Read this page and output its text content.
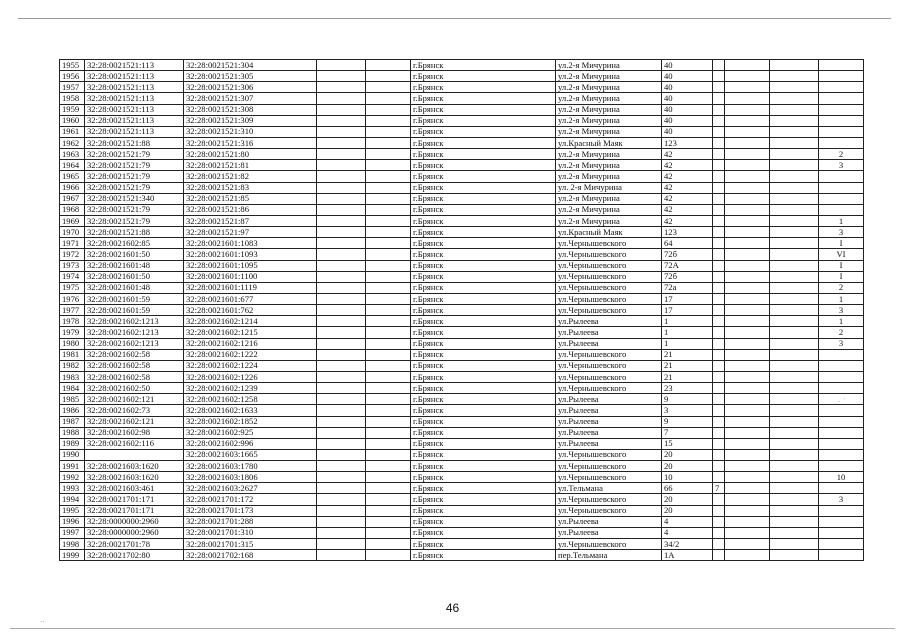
1955	32:28:0021521:113	32:28:0021521:304			г.Брянск	ул.2-я Мичурина	40				
1956	32:28:0021521:113	32:28:0021521:305			г.Брянск	ул.2-я Мичурина	40				
1957	32:28:0021521:113	32:28:0021521:306			г.Брянск	ул.2-я Мичурина	40				
1958	32:28:0021521:113	32:28:0021521:307			г.Брянск	ул.2-я Мичурина	40				
1959	32:28:0021521:113	32:28:0021521:308			г.Брянск	ул.2-я Мичурина	40				
1960	32:28:0021521:113	32:28:0021521:309			г.Брянск	ул.2-я Мичурина	40				
1961	32:28:0021521:113	32:28:0021521:310			г.Брянск	ул.2-я Мичурина	40				
1962	32:28:0021521:88	32:28:0021521:316			г.Брянск	ул.Красный Маяк	123				
1963	32:28:0021521:79	32:28:0021521:80			г.Брянск	ул.2-я Мичурина	42				2
1964	32:28:0021521:79	32:28:0021521:81			г.Брянск	ул.2-я Мичурина	42				3
1965	32:28:0021521:79	32:28:0021521:82			г.Брянск	ул.2-я Мичурина	42				
1966	32:28:0021521:79	32:28:0021521:83			г.Брянск	ул. 2-я Мичурина	42				
1967	32:28:0021521:340	32:28:0021521:85			г.Брянск	ул.2-я Мичурина	42				
1968	32:28:0021521:79	32:28:0021521:86			г.Брянск	ул.2-я Мичурина	42				
1969	32:28:0021521:79	32:28:0021521:87			г.Брянск	ул.2-я Мичурина	42				1
1970	32:28:0021521:88	32:28:0021521:97			г.Брянск	ул.Красный Маяк	123				3
1971	32:28:0021602:85	32:28:0021601:1083			г.Брянск	ул.Чернышевского	64				I
1972	32:28:0021601:50	32:28:0021601:1093			г.Брянск	ул.Чернышевского	72б				VI
1973	32:28:0021601:48	32:28:0021601:1095			г.Брянск	ул.Чернышевского	72А				I
1974	32:28:0021601:50	32:28:0021601:1100			г.Брянск	ул.Чернышевского	72б				I
1975	32:28:0021601:48	32:28:0021601:1119			г.Брянск	ул.Чернышевского	72а				2
1976	32:28:0021601:59	32:28:0021601:677			г.Брянск	ул.Чернышевского	17				1
1977	32:28:0021601:59	32:28:0021601:762			г.Брянск	ул.Чернышевского	17				3
1978	32:28:0021602:1213	32:28:0021602:1214			г.Брянск	ул.Рылеева	1				1
1979	32:28:0021602:1213	32:28:0021602:1215			г.Брянск	ул.Рылеева	1				2
1980	32:28:0021602:1213	32:28:0021602:1216			г.Брянск	ул.Рылеева	1				3
1981	32:28:0021602:58	32:28:0021602:1222			г.Брянск	ул.Чернышевского	21				
1982	32:28:0021602:58	32:28:0021602:1224			г.Брянск	ул.Чернышевского	21				
1983	32:28:0021602:58	32:28:0021602:1226			г.Брянск	ул.Чернышевского	21				
1984	32:28:0021602:50	32:28:0021602:1239			г.Брянск	ул.Чернышевского	23				
1985	32:28:0021602:121	32:28:0021602:1258			г.Брянск	ул.Рылеева	9				
1986	32:28:0021602:73	32:28:0021602:1633			г.Брянск	ул.Рылеева	3				
1987	32:28:0021602:121	32:28:0021602:1852			г.Брянск	ул.Рылеева	9				
1988	32:28:0021602:98	32:28:0021602:925			г.Брянск	ул.Рылеева	7				
1989	32:28:0021602:116	32:28:0021602:996			г.Брянск	ул.Рылеева	15				
1990		32:28:0021603:1665			г.Брянск	ул.Чернышевского	20				
1991	32:28:0021603:1620	32:28:0021603:1780			г.Брянск	ул.Чернышевского	20				
1992	32:28:0021603:1620	32:28:0021603:1806			г.Брянск	ул.Чернышевского	10				10
1993	32:28:0021603:461	32:28:0021603:2627			г.Брянск	ул.Тельмана	66	7			
1994	32:28:0021701:171	32:28:0021701:172			г.Брянск	ул.Чернышевского	20				3
1995	32:28:0021701:171	32:28:0021701:173			г.Брянск	ул.Чернышевского	20				
1996	32:28:0000000:2960	32:28:0021701:288			г.Брянск	ул.Рылеева	4				
1997	32:28:0000000:2960	32:28:0021701:310			г.Брянск	ул.Рылеева	4				
1998	32:28:0021701:78	32:28:0021701:315			г.Брянск	ул.Чернышевского	34/2				
1999	32:28:0021702:80	32:28:0021702:168			г.Брянск	пер.Тельмана	1А				
46
⋅ ˙
⋅⋅
